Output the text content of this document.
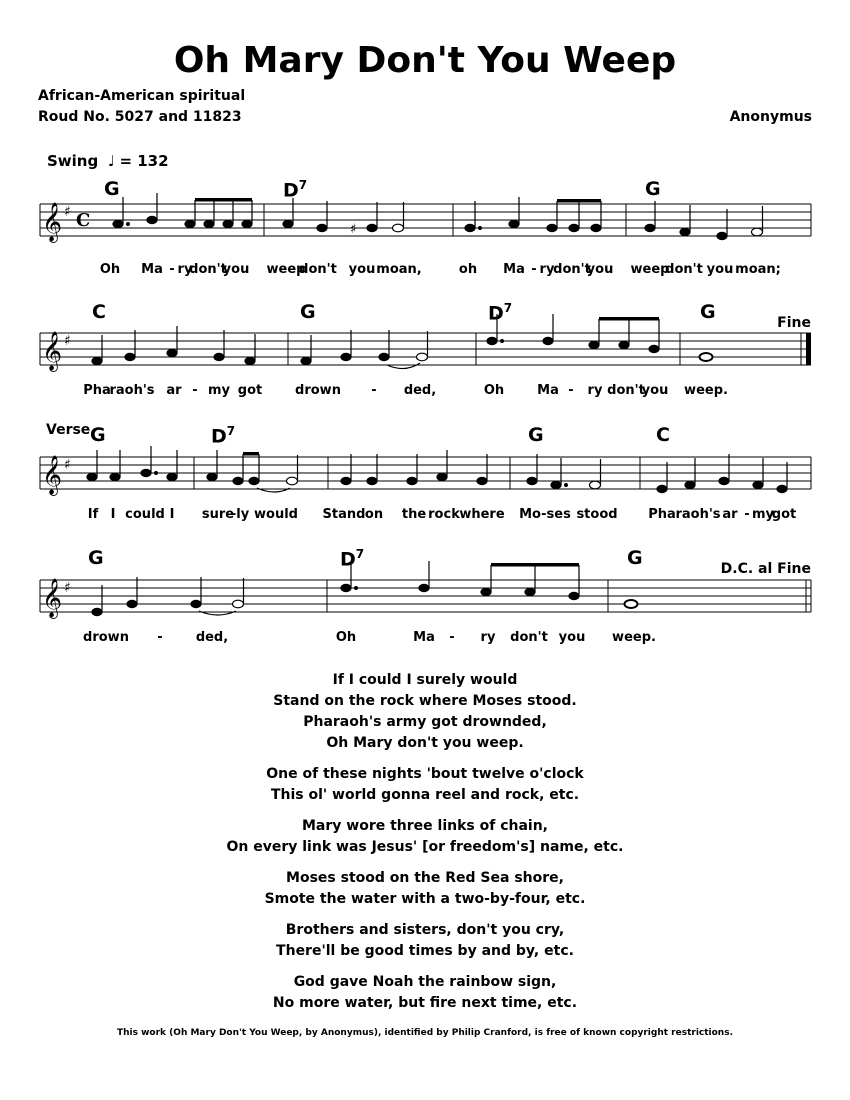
Oh Mary Don't You Weep
African-American spiritual
Roud No. 5027 and 11823	Anonymus
Swing ♩ = 132
𝄞 ♯ C	♯
G	$D^7$	G
Oh Ma - ry
don't
you weep
don't you moan,	oh Ma - ry
don't
you weep
don't you moan;
𝄞 ♯
C	G	$D^7$	G	Fine
Pha
raoh's ar - my got	drown - ded,	Oh	Ma - ry don't
you weep.
𝄞 ♯
Verse G	$D^7$	G	C
If I could I sure
-ly would Stand on the rock where Mo -ses stood Pha raoh's ar - my
got
𝄞 ♯
G	$D^7$	G	D.C. al Fine
drown -	ded,	Oh	Ma - ry don't you weep.
If I could I surely would
Stand on the rock where Moses stood.
Pharaoh's army got drownded,
Oh Mary don't you weep.
One of these nights 'bout twelve o'clock
This ol' world gonna reel and rock, etc.
Mary wore three links of chain,
On every link was Jesus' [or freedom's] name, etc.
Moses stood on the Red Sea shore,
Smote the water with a two-by-four, etc.
Brothers and sisters, don't you cry,
There'll be good times by and by, etc.
God gave Noah the rainbow sign,
No more water, but fire next time, etc.
This work (Oh Mary Don't You Weep, by Anonymus), identified by Philip Cranford, is free of known copyright restrictions.
